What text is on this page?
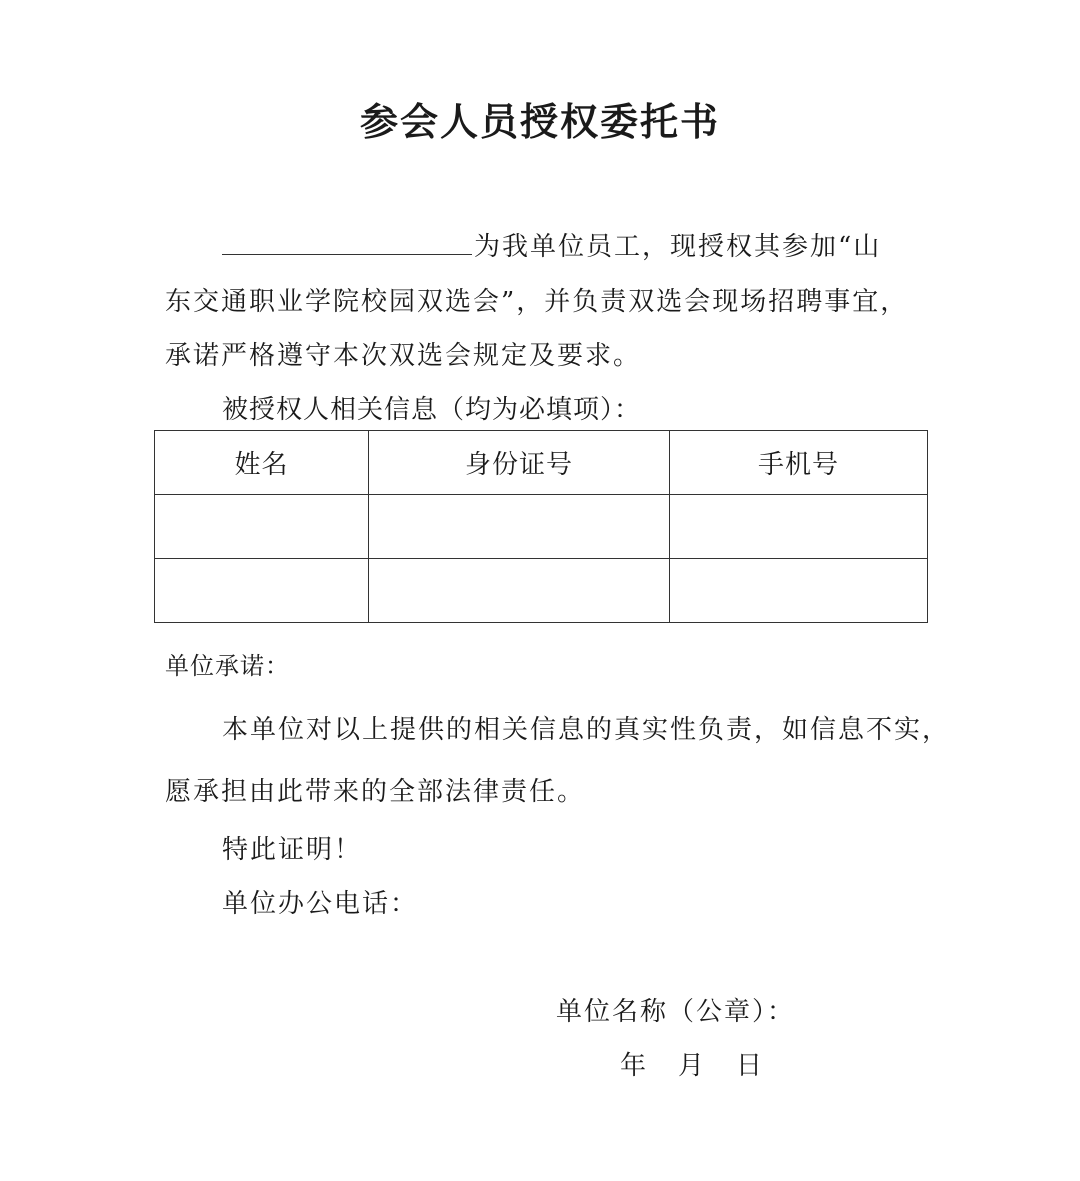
参会人员授权委托书
为我单位员工，现授权其参加“山
东交通职业学院校园双选会”，并负责双选会现场招聘事宜，
承诺严格遵守本次双选会规定及要求。
被授权人相关信息（均为必填项）：
姓名	身份证号	手机号

单位承诺：
本单位对以上提供的相关信息的真实性负责，如信息不实，
愿承担由此带来的全部法律责任。
特此证明！
单位办公电话：
单位名称（公章）：
年 月 日
